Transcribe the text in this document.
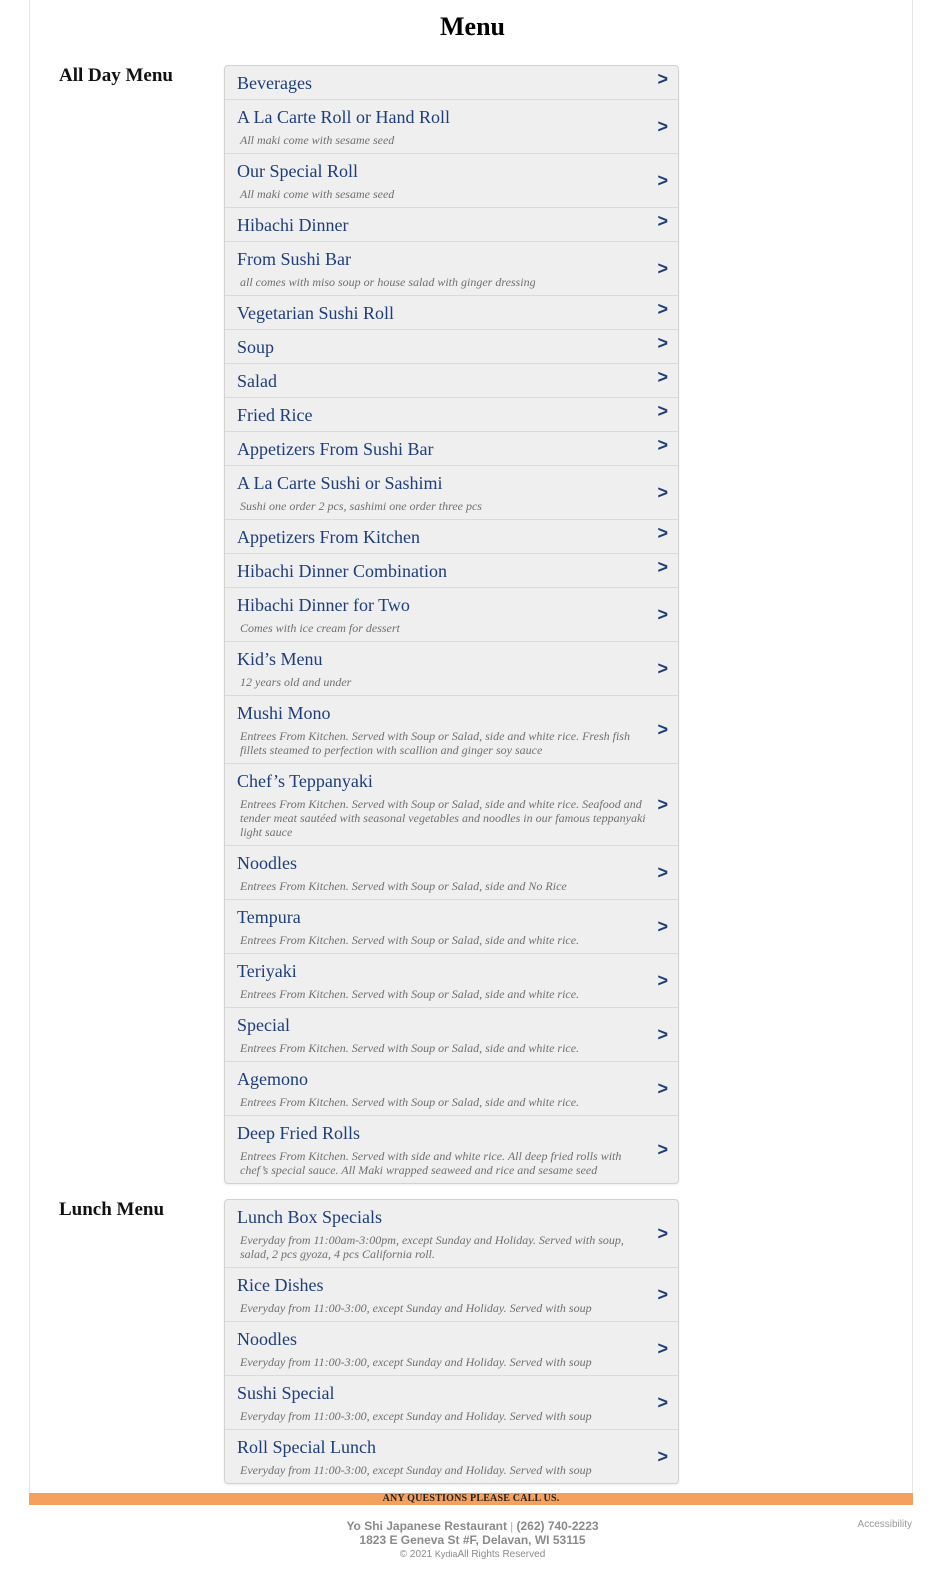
Menu
All Day Menu	Beverages	>
A La Carte Roll or Hand Roll
All maki come with sesame seed
>
Our Special Roll
All maki come with sesame seed
>
Hibachi Dinner	>
From Sushi Bar
all comes with miso soup or house salad with ginger dressing
>
Vegetarian Sushi Roll	>
Soup	>
Salad	>
Fried Rice	>
Appetizers From Sushi Bar	>
A La Carte Sushi or Sashimi
Sushi one order 2 pcs, sashimi one order three pcs
>
Appetizers From Kitchen	>
Hibachi Dinner Combination	>
Hibachi Dinner for Two
Comes with ice cream for dessert
>
Kid’s Menu
12 years old and under
>
Mushi Mono
Entrees From Kitchen. Served with Soup or Salad, side and white rice. Fresh fish fillets steamed to perfection with scallion and ginger soy sauce
>
Chef’s Teppanyaki
Entrees From Kitchen. Served with Soup or Salad, side and white rice. Seafood and tender meat sautéed with seasonal vegetables and noodles in our famous teppanyaki light sauce
>
Noodles
Entrees From Kitchen. Served with Soup or Salad, side and No Rice
>
Tempura
Entrees From Kitchen. Served with Soup or Salad, side and white rice.
>
Teriyaki
Entrees From Kitchen. Served with Soup or Salad, side and white rice.
>
Special
Entrees From Kitchen. Served with Soup or Salad, side and white rice.
>
Agemono
Entrees From Kitchen. Served with Soup or Salad, side and white rice.
>
Deep Fried Rolls
Entrees From Kitchen. Served with side and white rice. All deep fried rolls with chef’s special sauce. All Maki wrapped seaweed and rice and sesame seed
>
Lunch Menu	Lunch Box Specials
Everyday from 11:00am-3:00pm, except Sunday and Holiday. Served with soup, salad, 2 pcs gyoza, 4 pcs California roll.
>
Rice Dishes
Everyday from 11:00-3:00, except Sunday and Holiday. Served with soup
>
Noodles
Everyday from 11:00-3:00, except Sunday and Holiday. Served with soup
>
Sushi Special
Everyday from 11:00-3:00, except Sunday and Holiday. Served with soup
>
Roll Special Lunch
Everyday from 11:00-3:00, except Sunday and Holiday. Served with soup
>
ANY QUESTIONS PLEASE CALL US.
Yo Shi Japanese Restaurant | (262) 740-2223
1823 E Geneva St #F, Delavan, WI 53115
© 2021 KydiaAll Rights Reserved
Accessibility
